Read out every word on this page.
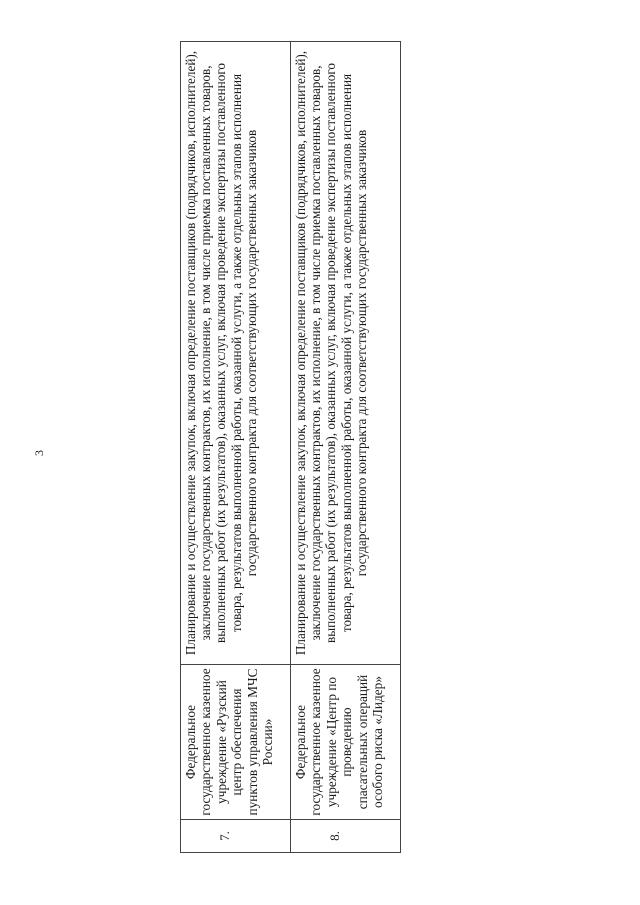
3
7.	Федеральное государственное казенное учреждение «Рузский центр обеспечения пунктов управления МЧС России»	Планирование и осуществление закупок, включая определение поставщиков (подрядчиков, исполнителей), заключение государственных контрактов, их исполнение, в том числе приемка поставленных товаров, выполненных работ (их результатов), оказанных услуг, включая проведение экспертизы поставленного товара, результатов выполненной работы, оказанной услуги, а также отдельных этапов исполнения государственного контракта для соответствующих государственных заказчиков

8.	Федеральное государственное казенное учреждение «Центр по проведению спасательных операций особого риска «Лидер»	Планирование и осуществление закупок, включая определение поставщиков (подрядчиков, исполнителей), заключение государственных контрактов, их исполнение, в том числе приемка поставленных товаров, выполненных работ (их результатов), оказанных услуг, включая проведение экспертизы поставленного товара, результатов выполненной работы, оказанной услуги, а также отдельных этапов исполнения государственного контракта для соответствующих государственных заказчиков
